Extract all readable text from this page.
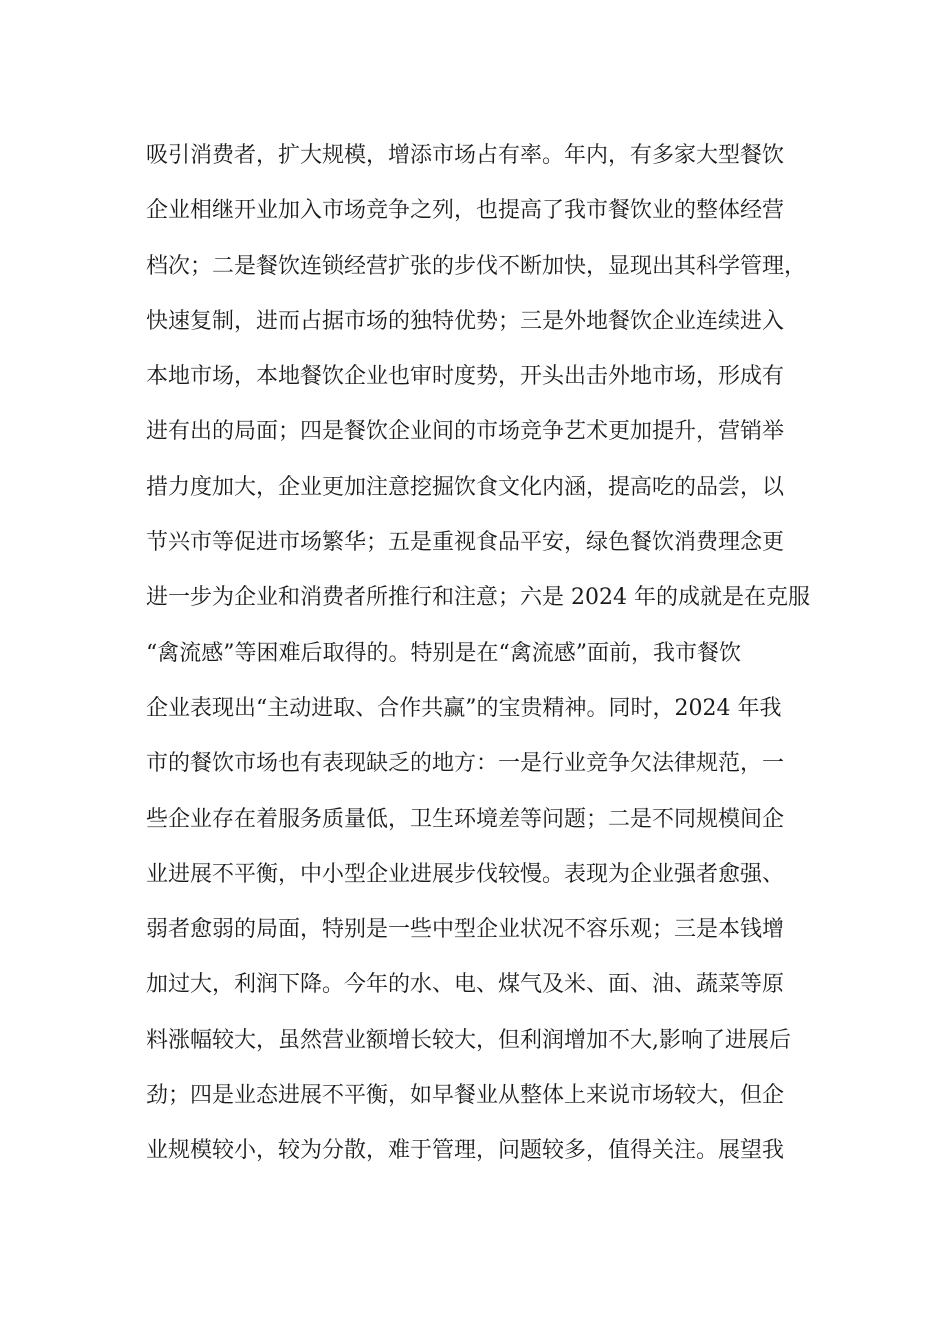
吸引消费者，扩大规模，增添市场占有率。年内，有多家大型餐饮
企业相继开业加入市场竞争之列，也提高了我市餐饮业的整体经营
档次；二是餐饮连锁经营扩张的步伐不断加快，显现出其科学管理，
快速复制，进而占据市场的独特优势；三是外地餐饮企业连续进入
本地市场，本地餐饮企业也审时度势，开头出击外地市场，形成有
进有出的局面；四是餐饮企业间的市场竞争艺术更加提升，营销举
措力度加大，企业更加注意挖掘饮食文化内涵，提高吃的品尝，以
节兴市等促进市场繁华；五是重视食品平安，绿色餐饮消费理念更
进一步为企业和消费者所推行和注意；六是 2024 年的成就是在克服
“禽流感”等困难后取得的。特别是在“禽流感”面前，我市餐饮
企业表现出“主动进取、合作共赢”的宝贵精神。同时，2024 年我
市的餐饮市场也有表现缺乏的地方：一是行业竞争欠法律规范，一
些企业存在着服务质量低，卫生环境差等问题；二是不同规模间企
业进展不平衡，中小型企业进展步伐较慢。表现为企业强者愈强、
弱者愈弱的局面，特别是一些中型企业状况不容乐观；三是本钱增
加过大，利润下降。今年的水、电、煤气及米、面、油、蔬菜等原
料涨幅较大，虽然营业额增长较大，但利润增加不大,影响了进展后
劲；四是业态进展不平衡，如早餐业从整体上来说市场较大，但企
业规模较小，较为分散，难于管理，问题较多，值得关注。展望我
